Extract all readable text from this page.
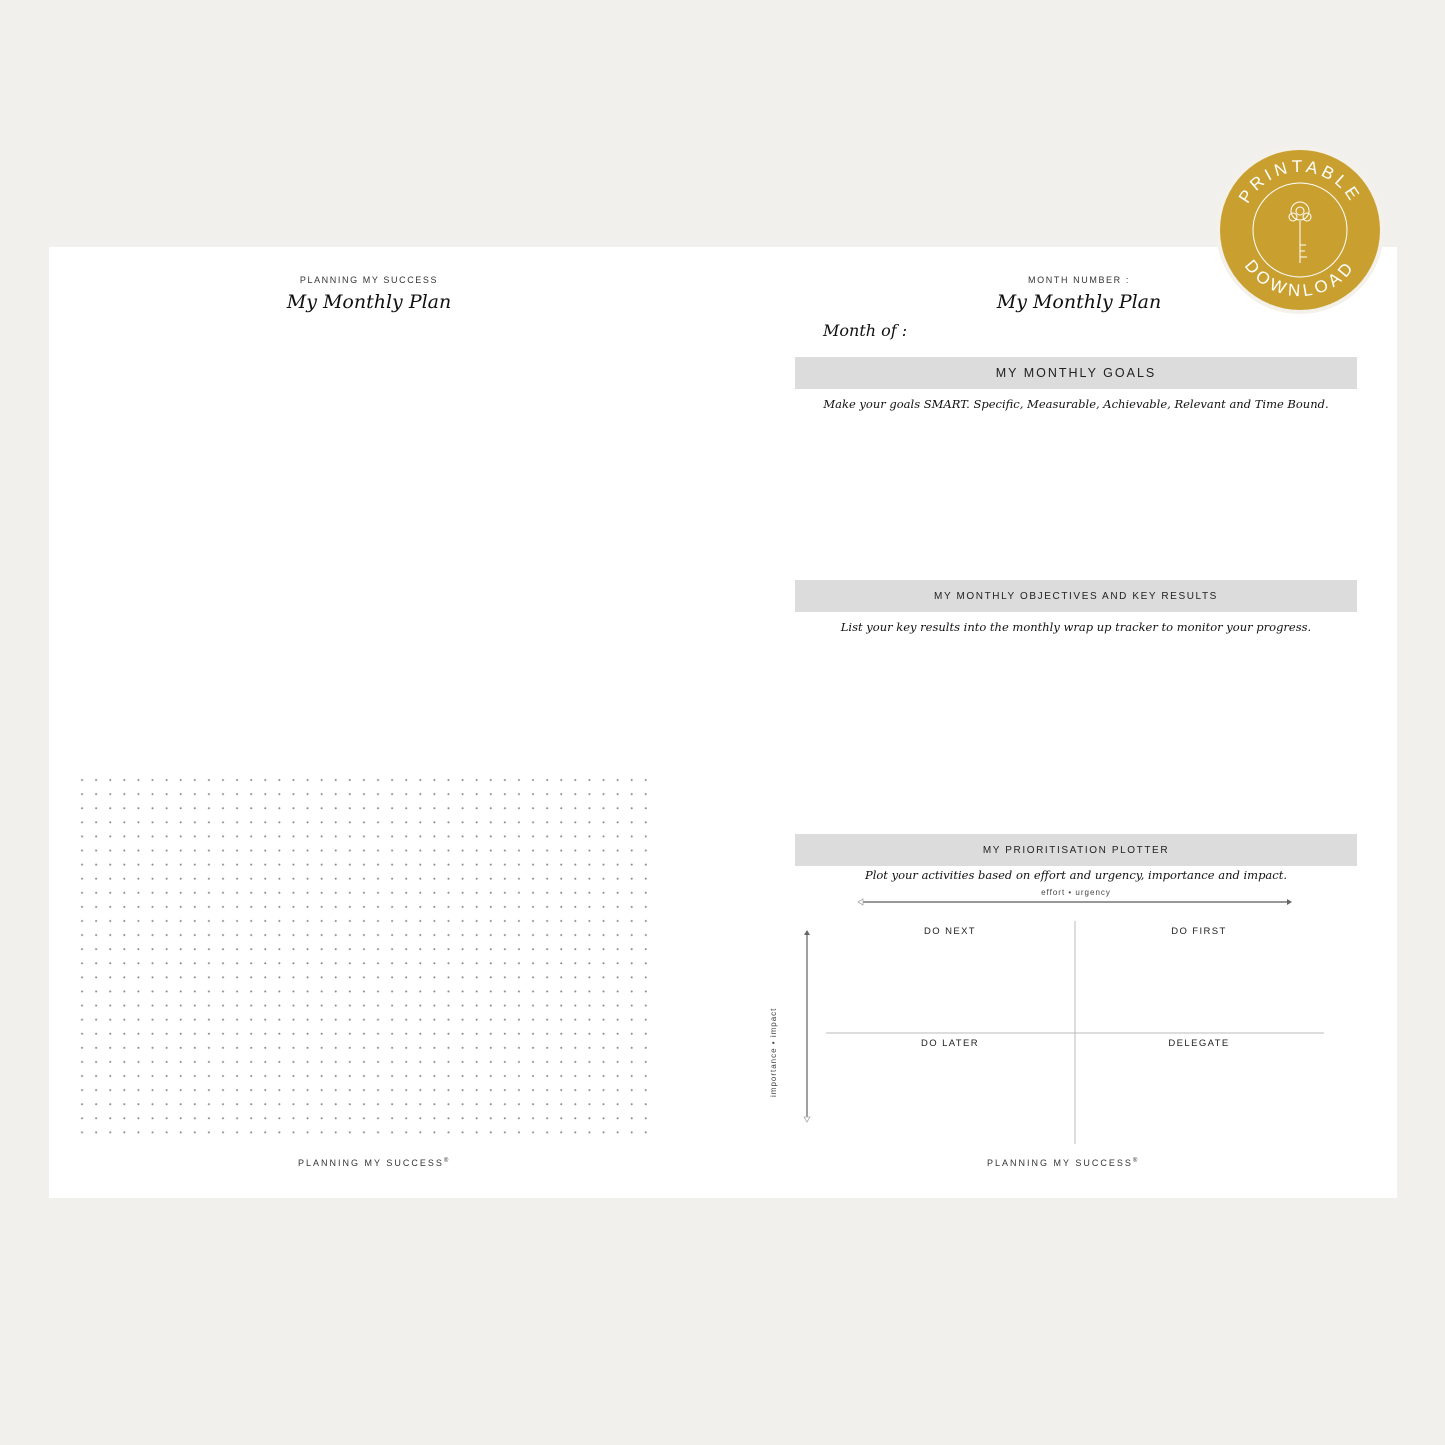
PLANNING MY SUCCESS
My Monthly Plan
PLANNING MY SUCCESS®
MONTH NUMBER :
My Monthly Plan
Month of :
MY MONTHLY GOALS
Make your goals SMART. Specific, Measurable, Achievable, Relevant and Time Bound.
MY MONTHLY OBJECTIVES AND KEY RESULTS
List your key results into the monthly wrap up tracker to monitor your progress.
MY PRIORITISATION PLOTTER
Plot your activities based on effort and urgency, importance and impact.
effort • urgency
importance • impact
DO NEXT	DO FIRST
DO LATER	DELEGATE
PLANNING MY SUCCESS®
PRINTABLE
DOWNLOAD
